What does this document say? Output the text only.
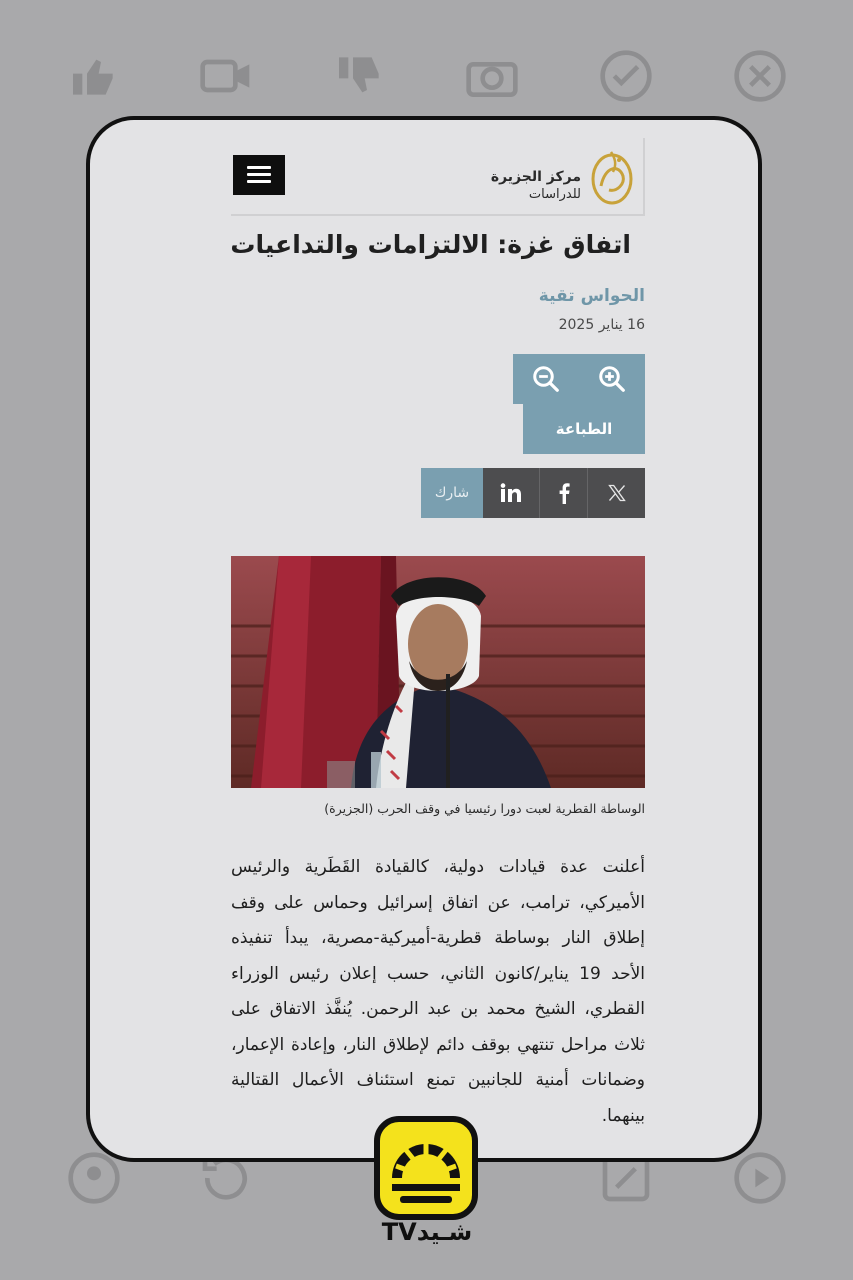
مركز الجزيرة
للدراسات
اتفاق غزة: الالتزامات والتداعيات
الحواس تقية
16 يناير 2025
الطباعة
شارك
الوساطة القطرية لعبت دورا رئيسيا في وقف الحرب (الجزيرة)
أعلنت عدة قيادات دولية، كالقيادة القَطَرية والرئيس الأميركي، ترامب، عن اتفاق إسرائيل وحماس على وقف إطلاق النار بوساطة قطرية-أميركية-مصرية، يبدأ تنفيذه الأحد 19 يناير/كانون الثاني، حسب إعلان رئيس الوزراء القطري، الشيخ محمد بن عبد الرحمن. يُنفَّذ الاتفاق على ثلاث مراحل تنتهي بوقف دائم لإطلاق النار، وإعادة الإعمار، وضمانات أمنية للجانبين تمنع استئناف الأعمال القتالية بينهما.
شـيدTV
